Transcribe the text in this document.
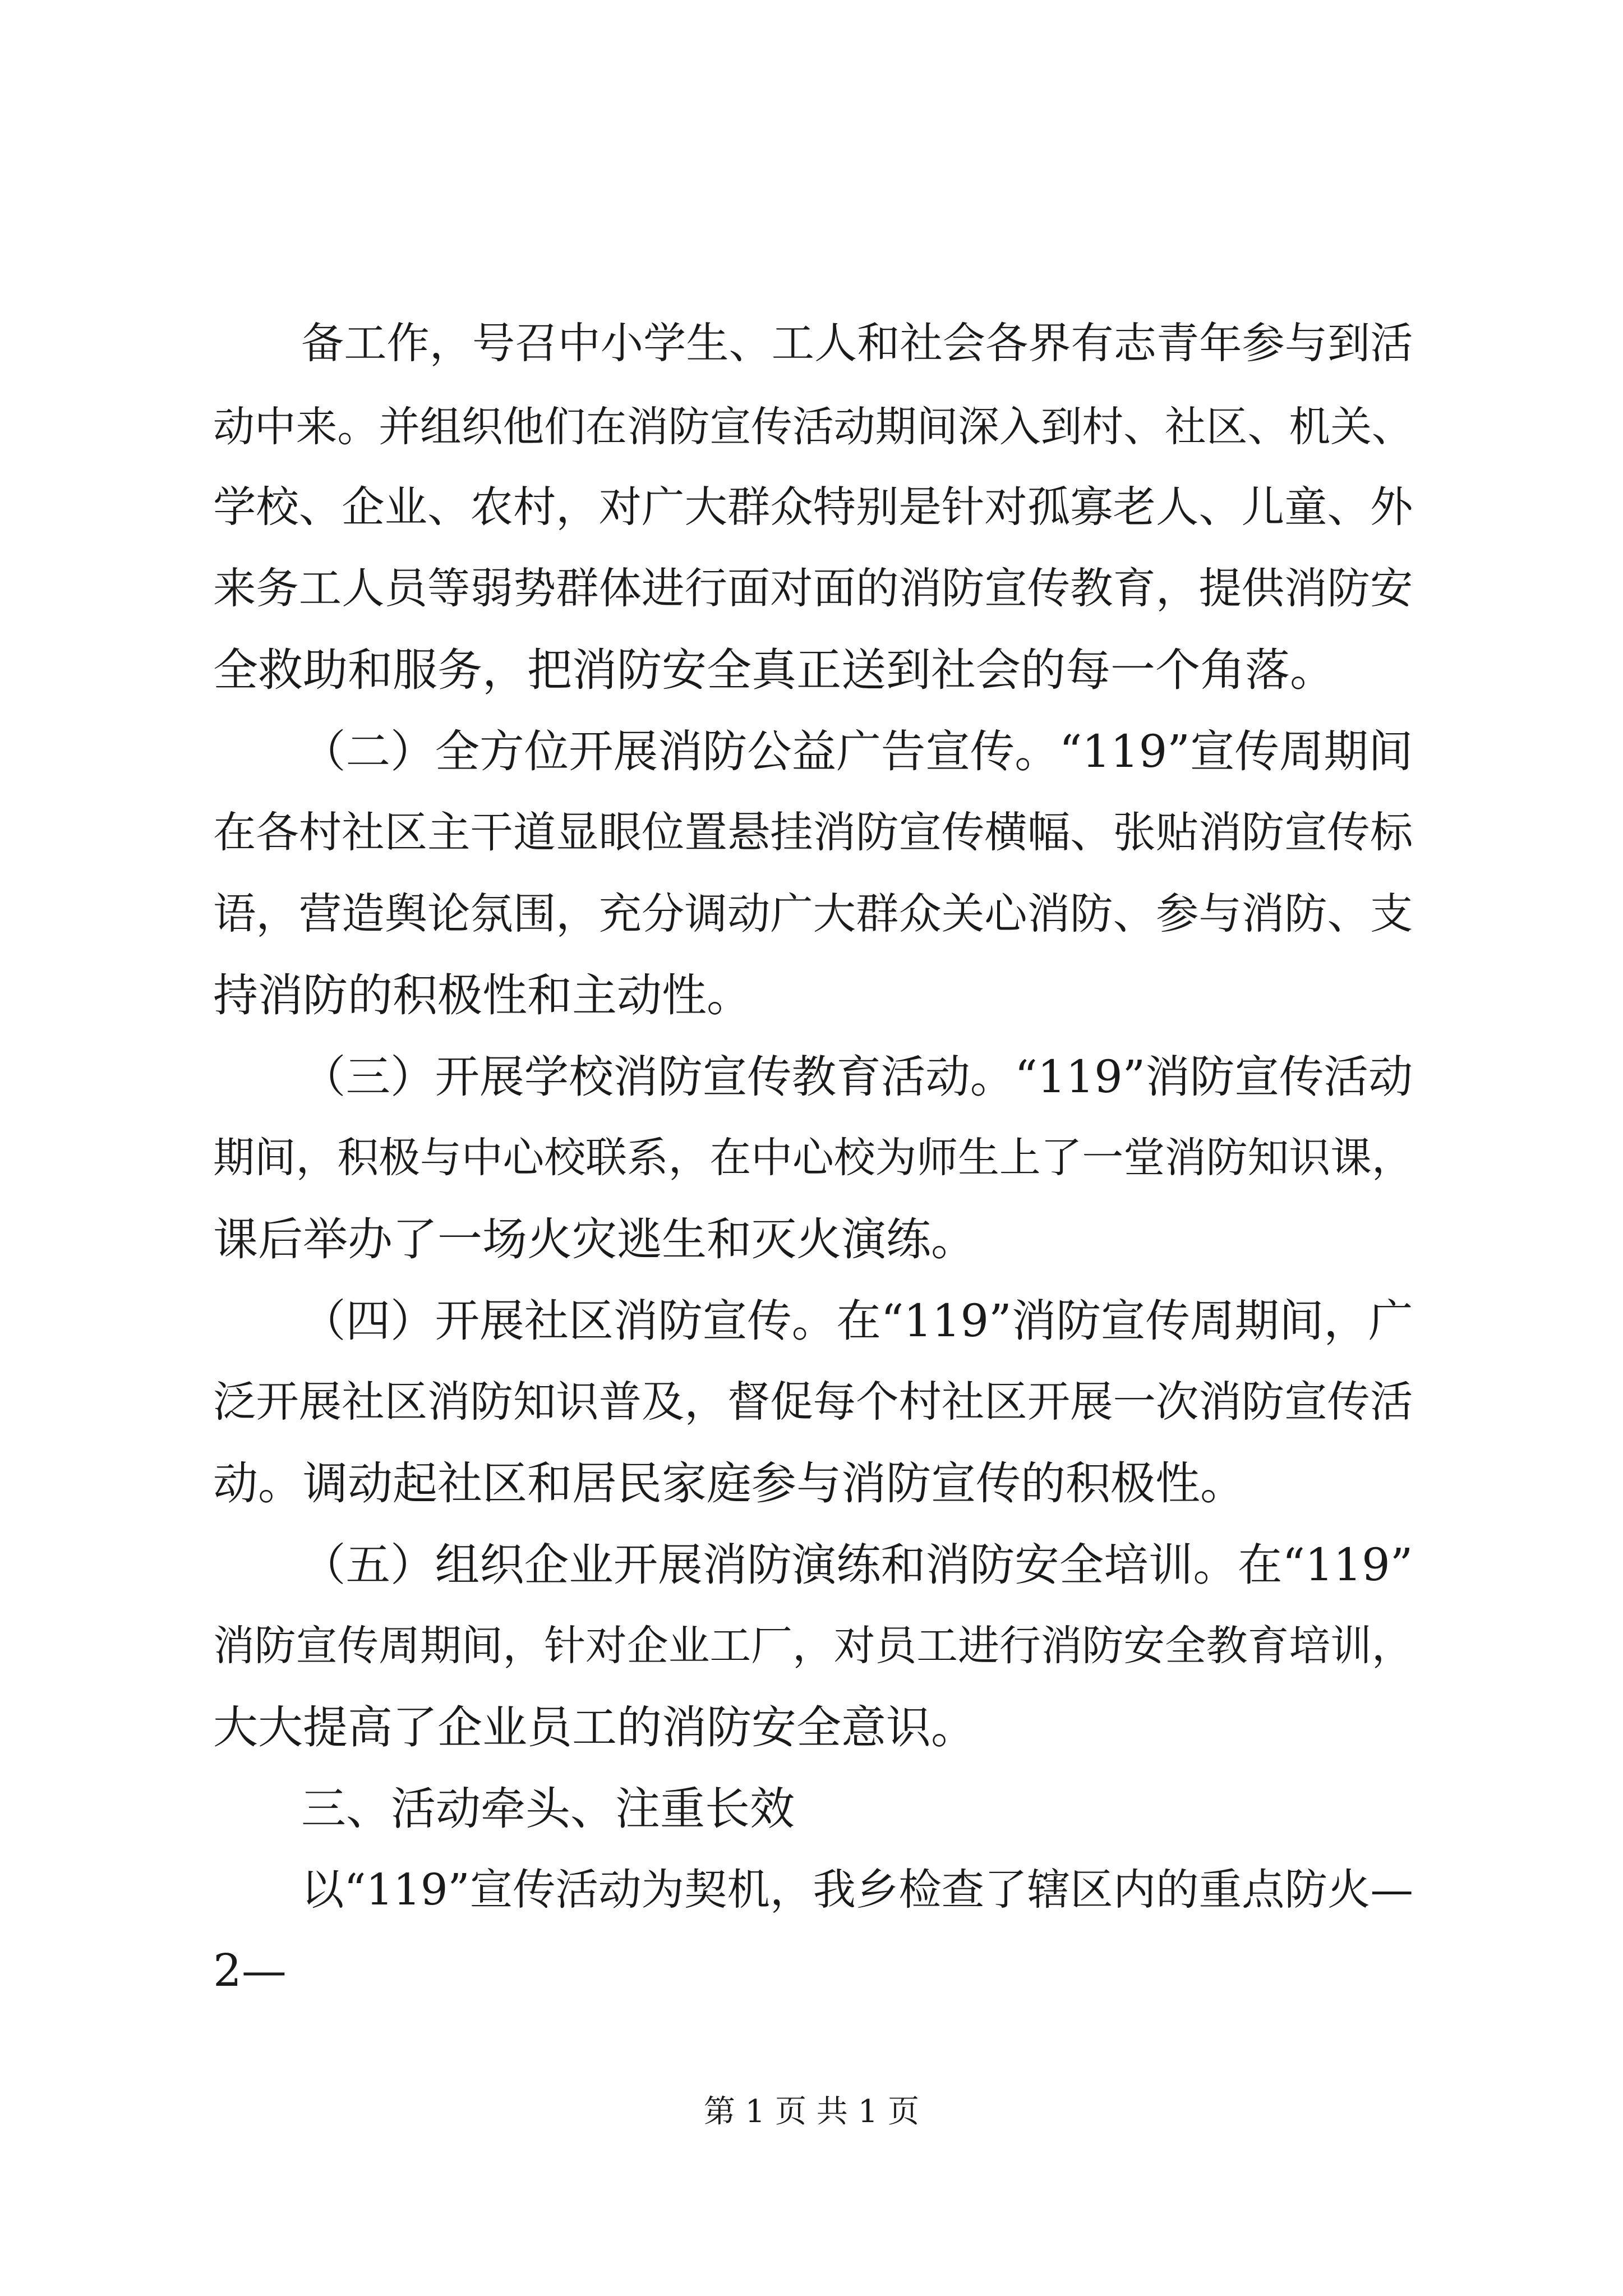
备工作，号召中小学生、工人和社会各界有志青年参与到活
动中来。并组织他们在消防宣传活动期间深入到村、社区、机关、
学校、企业、农村，对广大群众特别是针对孤寡老人、儿童、外
来务工人员等弱势群体进行面对面的消防宣传教育，提供消防安
全救助和服务，把消防安全真正送到社会的每一个角落。
（二）全方位开展消防公益广告宣传。“119”宣传周期间
在各村社区主干道显眼位置悬挂消防宣传横幅、张贴消防宣传标
语，营造舆论氛围，充分调动广大群众关心消防、参与消防、支
持消防的积极性和主动性。
（三）开展学校消防宣传教育活动。“119”消防宣传活动
期间，积极与中心校联系，在中心校为师生上了一堂消防知识课，
课后举办了一场火灾逃生和灭火演练。
（四）开展社区消防宣传。在“119”消防宣传周期间，广
泛开展社区消防知识普及，督促每个村社区开展一次消防宣传活
动。调动起社区和居民家庭参与消防宣传的积极性。
（五）组织企业开展消防演练和消防安全培训。在“119”
消防宣传周期间，针对企业工厂，对员工进行消防安全教育培训，
大大提高了企业员工的消防安全意识。
三、活动牵头、注重长效
以“119”宣传活动为契机，我乡检查了辖区内的重点防火—
2—
第 1 页 共 1 页
